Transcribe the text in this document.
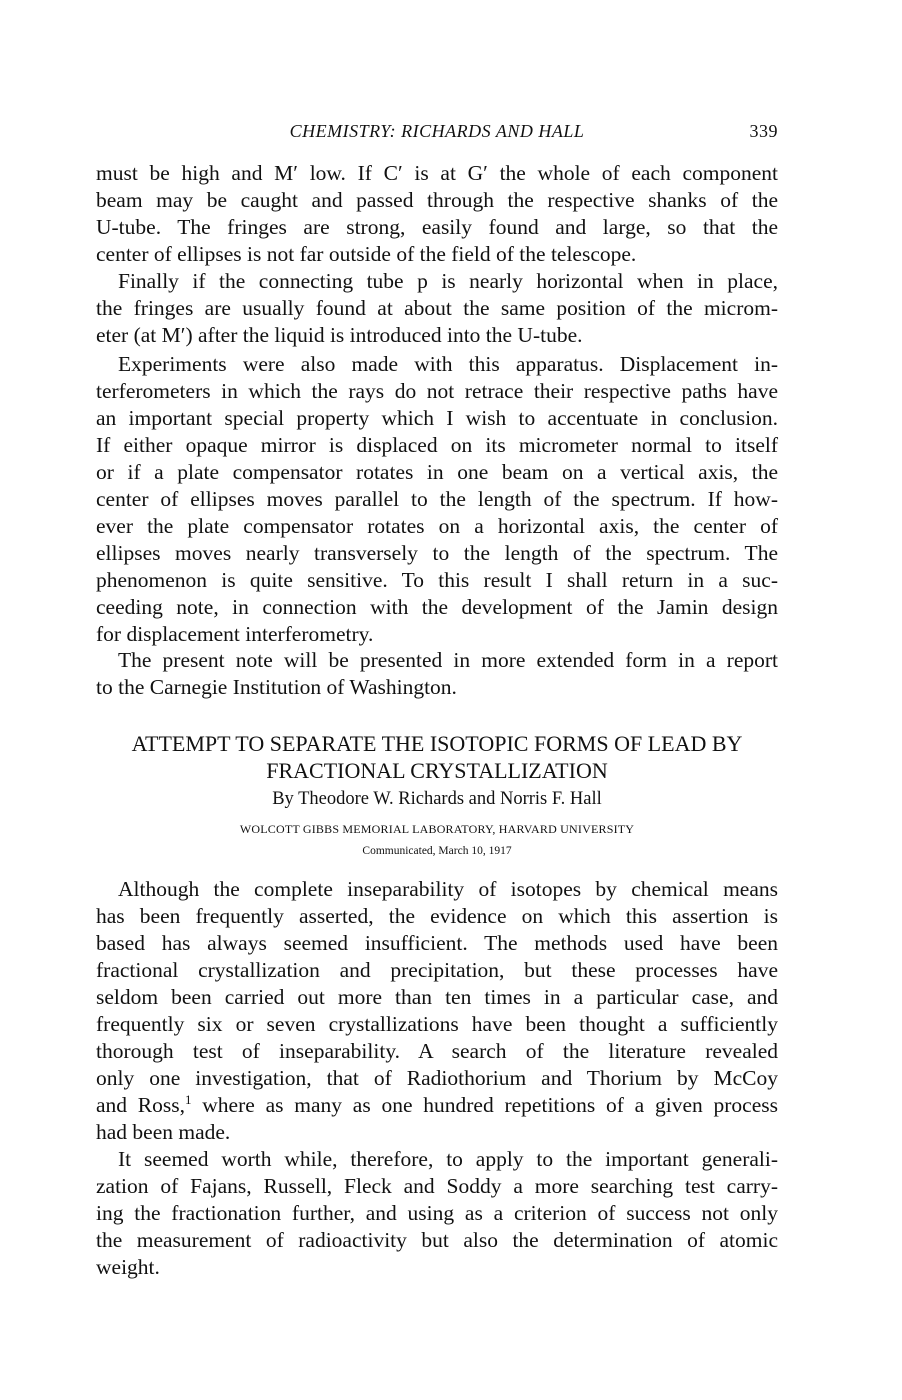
CHEMISTRY: RICHARDS AND HALL	339

must be high and M′ low. If C′ is at G′ the whole of each component
beam may be caught and passed through the respective shanks of the
U-tube. The fringes are strong, easily found and large, so that the
center of ellipses is not far outside of the field of the telescope.

Finally if the connecting tube p is nearly horizontal when in place,
the fringes are usually found at about the same position of the microm-
eter (at M′) after the liquid is introduced into the U-tube.

Experiments were also made with this apparatus. Displacement in-
terferometers in which the rays do not retrace their respective paths have
an important special property which I wish to accentuate in conclusion.
If either opaque mirror is displaced on its micrometer normal to itself
or if a plate compensator rotates in one beam on a vertical axis, the
center of ellipses moves parallel to the length of the spectrum. If how-
ever the plate compensator rotates on a horizontal axis, the center of
ellipses moves nearly transversely to the length of the spectrum. The
phenomenon is quite sensitive. To this result I shall return in a suc-
ceeding note, in connection with the development of the Jamin design
for displacement interferometry.

The present note will be presented in more extended form in a report
to the Carnegie Institution of Washington.

ATTEMPT TO SEPARATE THE ISOTOPIC FORMS OF LEAD BY
FRACTIONAL CRYSTALLIZATION

By Theodore W. Richards and Norris F. Hall
WOLCOTT GIBBS MEMORIAL LABORATORY, HARVARD UNIVERSITY
Communicated, March 10, 1917

Although the complete inseparability of isotopes by chemical means
has been frequently asserted, the evidence on which this assertion is
based has always seemed insufficient. The methods used have been
fractional crystallization and precipitation, but these processes have
seldom been carried out more than ten times in a particular case, and
frequently six or seven crystallizations have been thought a sufficiently
thorough test of inseparability. A search of the literature revealed
only one investigation, that of Radiothorium and Thorium by McCoy
and Ross,$^1$ where as many as one hundred repetitions of a given process
had been made.

It seemed worth while, therefore, to apply to the important generali-
zation of Fajans, Russell, Fleck and Soddy a more searching test carry-
ing the fractionation further, and using as a criterion of success not only
the measurement of radioactivity but also the determination of atomic
weight.
